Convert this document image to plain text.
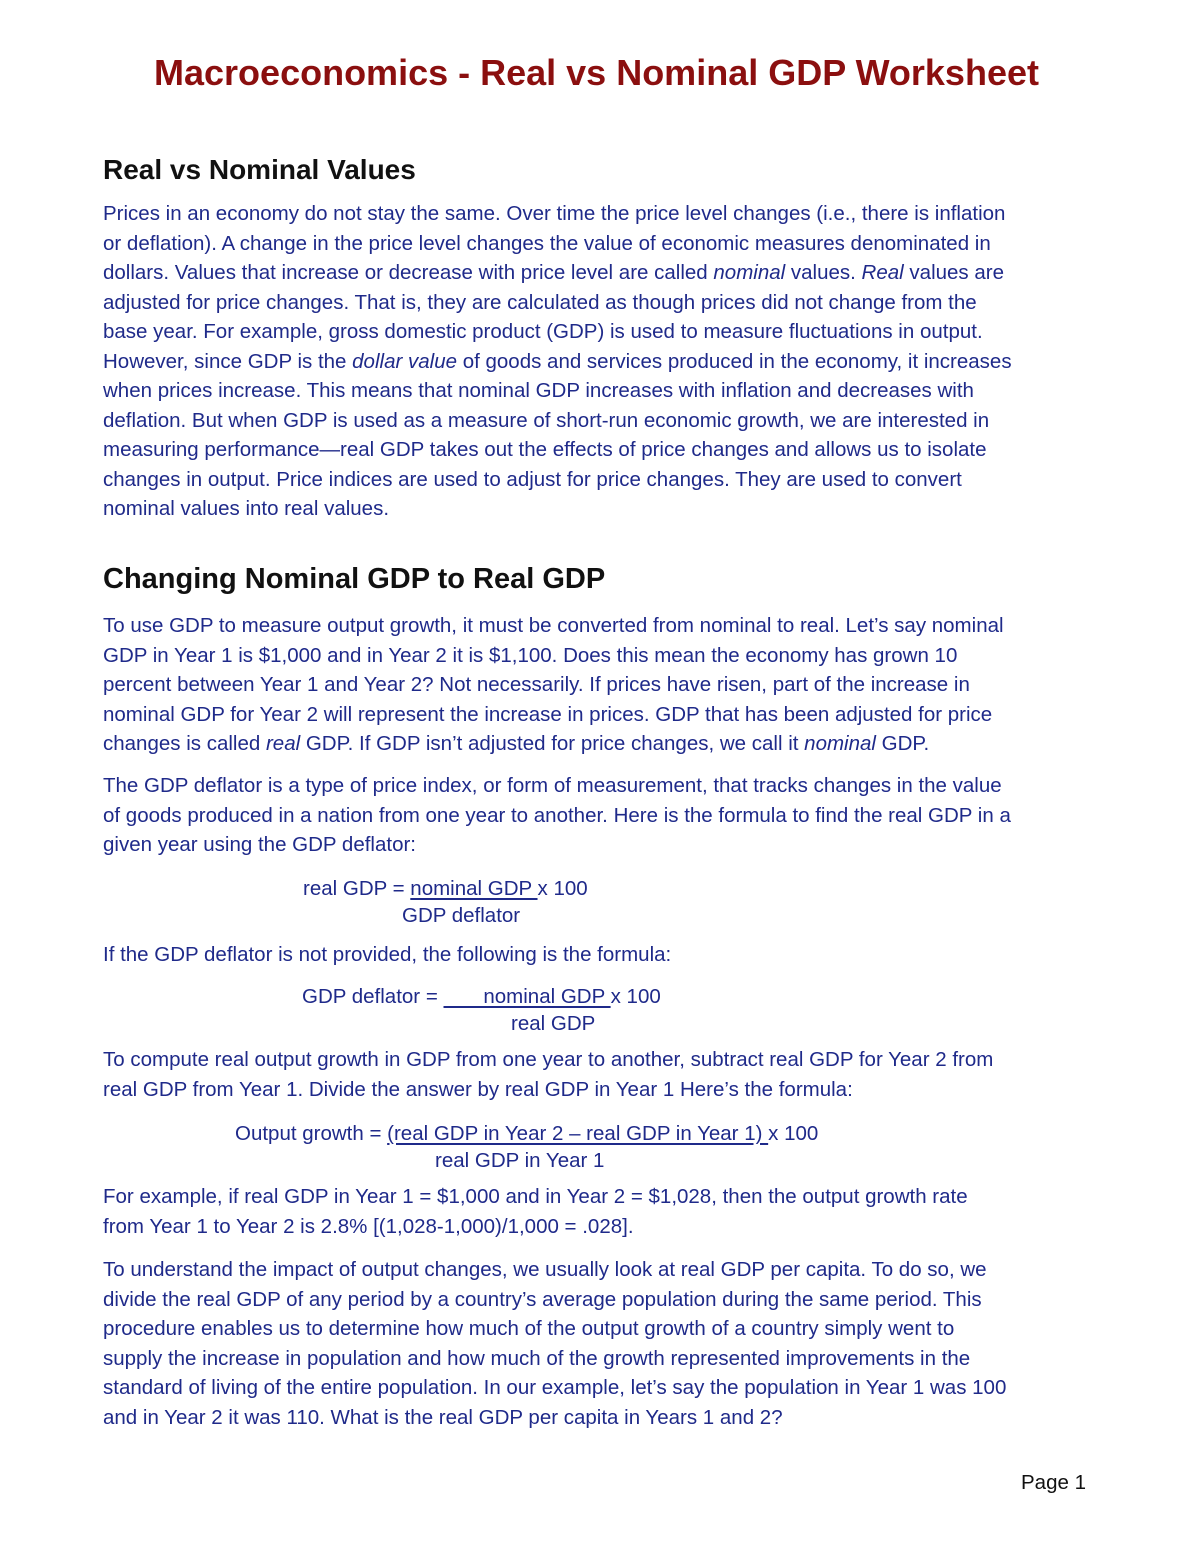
Macroeconomics - Real vs Nominal GDP Worksheet
Real vs Nominal Values

Prices in an economy do not stay the same. Over time the price level changes (i.e., there is inflation
or deflation). A change in the price level changes the value of economic measures denominated in
dollars. Values that increase or decrease with price level are called nominal values. Real values are
adjusted for price changes. That is, they are calculated as though prices did not change from the
base year. For example, gross domestic product (GDP) is used to measure fluctuations in output.
However, since GDP is the dollar value of goods and services produced in the economy, it increases
when prices increase. This means that nominal GDP increases with inflation and decreases with
deflation. But when GDP is used as a measure of short-run economic growth, we are interested in
measuring performance—real GDP takes out the effects of price changes and allows us to isolate
changes in output. Price indices are used to adjust for price changes. They are used to convert
nominal values into real values.

Changing Nominal GDP to Real GDP

To use GDP to measure output growth, it must be converted from nominal to real. Let’s say nominal
GDP in Year 1 is $1,000 and in Year 2 it is $1,100. Does this mean the economy has grown 10
percent between Year 1 and Year 2? Not necessarily. If prices have risen, part of the increase in
nominal GDP for Year 2 will represent the increase in prices. GDP that has been adjusted for price
changes is called real GDP. If GDP isn’t adjusted for price changes, we call it nominal GDP.

The GDP deflator is a type of price index, or form of measurement, that tracks changes in the value
of goods produced in a nation from one year to another. Here is the formula to find the real GDP in a
given year using the GDP deflator:

real GDP = nominal GDP x 100
GDP deflator

If the GDP deflator is not provided, the following is the formula:

GDP deflator =        nominal GDP x 100
real GDP

To compute real output growth in GDP from one year to another, subtract real GDP for Year 2 from
real GDP from Year 1. Divide the answer by real GDP in Year 1 Here’s the formula:

Output growth = (real GDP in Year 2 – real GDP in Year 1) x 100
real GDP in Year 1

For example, if real GDP in Year 1 = $1,000 and in Year 2 = $1,028, then the output growth rate
from Year 1 to Year 2 is 2.8% [(1,028-1,000)/1,000 = .028].

To understand the impact of output changes, we usually look at real GDP per capita. To do so, we
divide the real GDP of any period by a country’s average population during the same period. This
procedure enables us to determine how much of the output growth of a country simply went to
supply the increase in population and how much of the growth represented improvements in the
standard of living of the entire population. In our example, let’s say the population in Year 1 was 100
and in Year 2 it was 110. What is the real GDP per capita in Years 1 and 2?

Page 1
